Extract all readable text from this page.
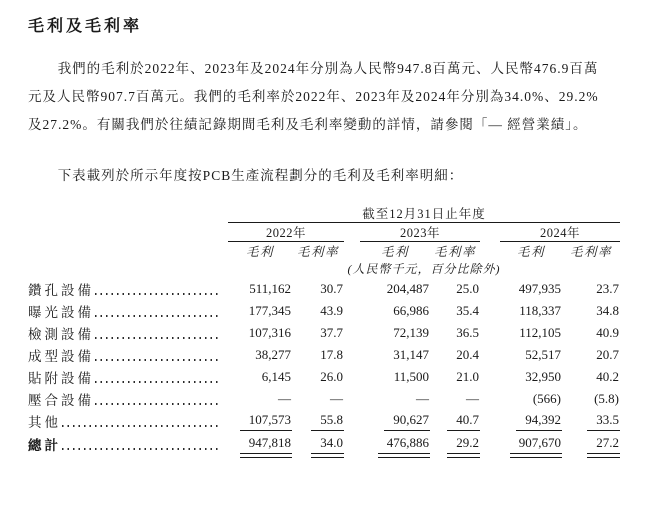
毛利及毛利率
我們的毛利於2022年、2023年及2024年分別為人民幣947.8百萬元、人民幣476.9百萬
元及人民幣907.7百萬元。我們的毛利率於2022年、2023年及2024年分別為34.0%、29.2%
及27.2%。有關我們於往績記錄期間毛利及毛利率變動的詳情，請參閱「— 經營業績」。
下表載列於所示年度按PCB生產流程劃分的毛利及毛利率明細：
	截至12月31日止年度							
	2022年			2023年			2024年	
	毛利	毛利率		毛利	毛利率		毛利	毛利率
	(人民幣千元，百分比除外)							

鑽孔設備	511,162	30.7		204,487	25.0		497,935	23.7

曝光設備	177,345	43.9		66,986	35.4		118,337	34.8

檢測設備	107,316	37.7		72,139	36.5		112,105	40.9

成型設備	38,277	17.8		31,147	20.4		52,517	20.7

貼附設備	6,145	26.0		11,500	21.0		32,950	40.2

壓合設備	—	—		—	—		(566)	(5.8)

其他	107,573	55.8		90,627	40.7		94,392	33.5

總計	947,818	34.0		476,886	29.2		907,670	27.2
